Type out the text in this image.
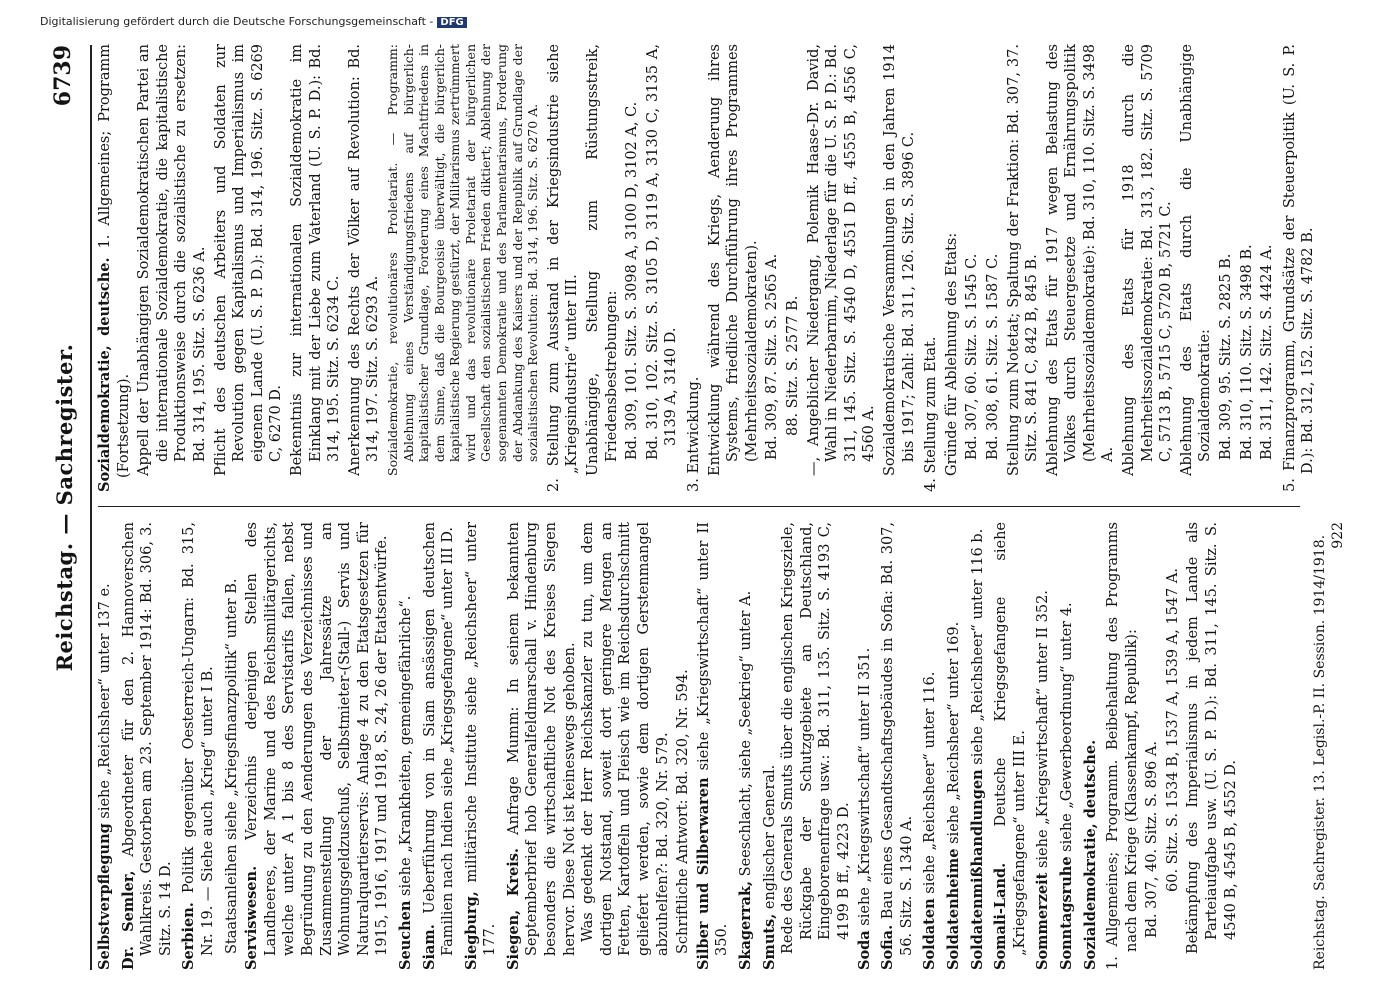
Reichstag. — Sachregister.
6739

Selbstverpflegung siehe „Reichsheer“ unter 137 e.

Dr. Semler, Abgeordneter für den 2. Hannoverschen Wahlkreis. Gestorben am 23. September 1914: Bd. 306, 3. Sitz. S. 14 D. Serbien. Politik gegenüber Oesterreich-Ungarn: Bd. 315, Nr. 19. — Siehe auch „Krieg“ unter I B. Staatsanleihen siehe „Kriegsfinanzpolitik“ unter B. Serviswesen. Verzeichnis derjenigen Stellen des Landheeres, der Marine und des Reichsmilitärgerichts, welche unter A 1 bis 8 des Servistarifs fallen, nebst Begründung zu den Aenderungen des Verzeichnisses und Zusammenstellung der Jahressätze an Wohnungsgeldzuschuß, Selbstmieter-(Stall-) Servis und Naturalquartierservis: Anlage 4 zu den Etatsgesetzen für 1915, 1916, 1917 und 1918, S. 24, 26 der Etatsentwürfe. Seuchen siehe „Krankheiten, gemeingefährliche“.

Siam. Ueberführung von in Siam ansässigen deutschen Familien nach Indien siehe „Kriegsgefangene“ unter III D. Siegburg, militärische Institute siehe „Reichsheer“ unter 177. Siegen, Kreis. Anfrage Mumm: In seinem bekannten Septemberbrief hob Generalfeldmarschall v. Hindenburg besonders die wirtschaftliche Not des Kreises Siegen hervor. Diese Not ist keineswegs gehoben. Was gedenkt der Herr Reichskanzler zu tun, um dem dortigen Notstand, soweit dort geringere Mengen an Fetten, Kartoffeln und Fleisch wie im Reichsdurchschnitt geliefert werden, sowie dem dortigen Gerstenmangel abzuhelfen?: Bd. 320, Nr. 579. Schriftliche Antwort: Bd. 320, Nr. 594. Silber und Silberwaren siehe „Kriegswirtschaft“ unter II 350. Skagerrak, Seeschlacht, siehe „Seekrieg“ unter A.

Smuts, englischer General. Rede des Generals Smuts über die englischen Kriegsziele, Rückgabe der Schutzgebiete an Deutschland, Eingeborenenfrage usw.: Bd. 311, 135. Sitz. S. 4193 C, 4199 B ff., 4223 D.

Soda siehe „Kriegswirtschaft“ unter II 351.

Sofia. Bau eines Gesandtschaftsgebäudes in Sofia: Bd. 307, 56. Sitz. S. 1340 A. Soldaten siehe „Reichsheer“ unter 116.

Soldatenheime siehe „Reichsheer“ unter 169.

Soldatenmißhandlungen siehe „Reichsheer“ unter 116 b.

Somali-Land. Deutsche Kriegsgefangene siehe „Kriegsgefangene“ unter III E. Sommerzeit siehe „Kriegswirtschaft“ unter II 352.

Sonntagsruhe siehe „Gewerbeordnung“ unter 4.

Sozialdemokratie, deutsche. 1. Allgemeines; Programm. Beibehaltung des Programms nach dem Kriege (Klassenkampf, Republik): Bd. 307, 40. Sitz. S. 896 A. 60. Sitz. S. 1534 B, 1537 A, 1539 A, 1547 A. Bekämpfung des Imperialismus in jedem Lande als Parteiaufgabe usw. (U. S. P. D.): Bd. 311, 145. Sitz. S. 4540 B, 4545 B, 4552 D.

Sozialdemokratie, deutsche. 1. Allgemeines; Programm (Fortsetzung). Appell der Unabhängigen Sozialdemokratischen Partei an die internationale Sozialdemokratie, die kapitalistische Produktionsweise durch die sozialistische zu ersetzen: Bd. 314, 195. Sitz. S. 6236 A. Pflicht des deutschen Arbeiters und Soldaten zur Revolution gegen Kapitalismus und Imperialismus im eigenen Lande (U. S. P. D.): Bd. 314, 196. Sitz. S. 6269 C, 6270 D. Bekenntnis zur internationalen Sozialdemokratie im Einklang mit der Liebe zum Vaterland (U. S. P. D.): Bd. 314, 195. Sitz. S. 6234 C. Anerkennung des Rechts der Völker auf Revolution: Bd. 314, 197. Sitz. S. 6293 A. Sozialdemokratie, revolutionäres Proletariat. — Programm: Ablehnung eines Verständigungsfriedens auf bürgerlich-kapitalistischer Grundlage, Forderung eines Machtfriedens in dem Sinne, daß die Bourgeoisie überwältigt, die bürgerlich-kapitalistische Regierung gestürzt, der Militarismus zertrümmert wird und das revolutionäre Proletariat der bürgerlichen Gesellschaft den sozialistischen Frieden diktiert; Ablehnung der sogenannten Demokratie und des Parlamentarismus, Forderung der Abdankung des Kaisers und der Republik auf Grundlage der sozialistischen Revolution: Bd. 314, 196. Sitz. S. 6270 A. 2. Stellung zum Ausstand in der Kriegsindustrie siehe „Kriegsindustrie“ unter III. Unabhängige, Stellung zum Rüstungsstreik, Friedensbestrebungen: Bd. 309, 101. Sitz. S. 3098 A, 3100 D, 3102 A, C. Bd. 310, 102. Sitz. S. 3105 D, 3119 A, 3130 C, 3135 A, 3139 A, 3140 D. 3. Entwicklung. Entwicklung während des Kriegs, Aenderung ihres Systems, friedliche Durchführung ihres Programmes (Mehrheitssozialdemokraten). Bd. 309, 87. Sitz. S. 2565 A. 88. Sitz. S. 2577 B. —, Angeblicher Niedergang, Polemik Haase-Dr. David, Wahl in Niederbarnim, Niederlage für die U. S. P. D.: Bd. 311, 145. Sitz. S. 4540 D, 4551 D ff., 4555 B, 4556 C, 4560 A. Sozialdemokratische Versammlungen in den Jahren 1914 bis 1917; Zahl: Bd. 311, 126. Sitz. S. 3896 C. 4. Stellung zum Etat. Gründe für Ablehnung des Etats: Bd. 307, 60. Sitz. S. 1545 C. Bd. 308, 61. Sitz. S. 1587 C. Stellung zum Notetat; Spaltung der Fraktion: Bd. 307, 37. Sitz. S. 841 C, 842 B, 845 B. Ablehnung des Etats für 1917 wegen Belastung des Volkes durch Steuergesetze und Ernährungspolitik (Mehrheitssozialdemokratie): Bd. 310, 110. Sitz. S. 3498 A. Ablehnung des Etats für 1918 durch die Mehrheitssozialdemokratie: Bd. 313, 182. Sitz. S. 5709 C, 5713 B, 5715 C, 5720 B, 5721 C. Ablehnung des Etats durch die Unabhängige Sozialdemokratie: Bd. 309, 95. Sitz. S. 2825 B. Bd. 310, 110. Sitz. S. 3498 B. Bd. 311, 142. Sitz. S. 4424 A. 5. Finanzprogramm, Grundsätze der Steuerpolitik (U. S. P. D.): Bd. 312, 152. Sitz. S. 4782 B.

Reichstag. Sachregister. 13. Legisl.-P. II. Session. 1914/1918. 922
Digitalisierung gefördert durch die Deutsche Forschungsgemeinschaft - DFG
